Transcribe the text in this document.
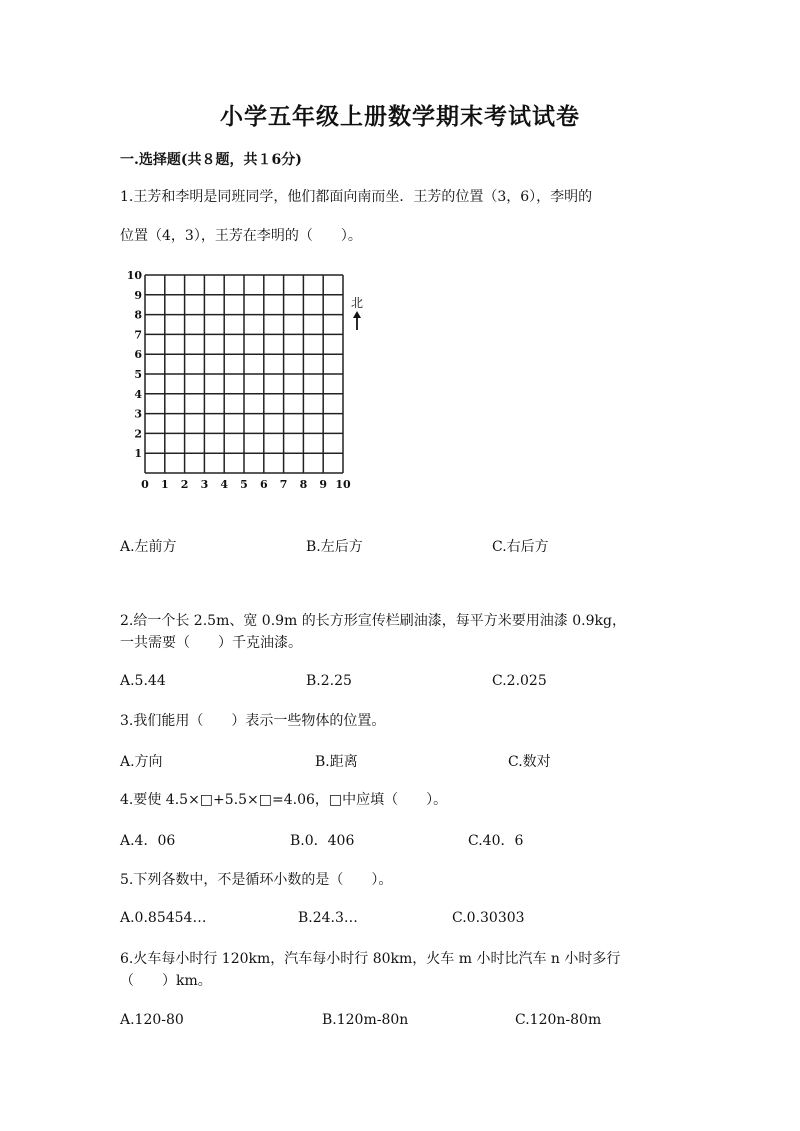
小学五年级上册数学期末考试试卷
一.选择题(共８题，共１6分)
1.王芳和李明是同班同学，他们都面向南而坐．王芳的位置（3，6），李明的
位置（4，3），王芳在李明的（　　）。
0 1 2 3 4 5 6 7 8 9 10
1
2
3
4
5
6
7
8
9
10
北
A.左前方	B.左后方	C.右后方
2.给一个长 2.5m、宽 0.9m 的长方形宣传栏刷油漆，每平方米要用油漆 0.9kg，
一共需要（　　）千克油漆。
A.5.44	B.2.25	C.2.025
3.我们能用（　　）表示一些物体的位置。
A.方向	B.距离	C.数对
4.要使 4.5×□+5.5×□=4.06，□中应填（　　）。
A.4．06	B.0．406	C.40．6
5.下列各数中，不是循环小数的是（　　）。
A.0.85454…	B.24.3…	C.0.30303
6.火车每小时行 120km，汽车每小时行 80km，火车 m 小时比汽车 n 小时多行
（　　）km。
A.120-80	B.120m-80n	C.120n-80m
